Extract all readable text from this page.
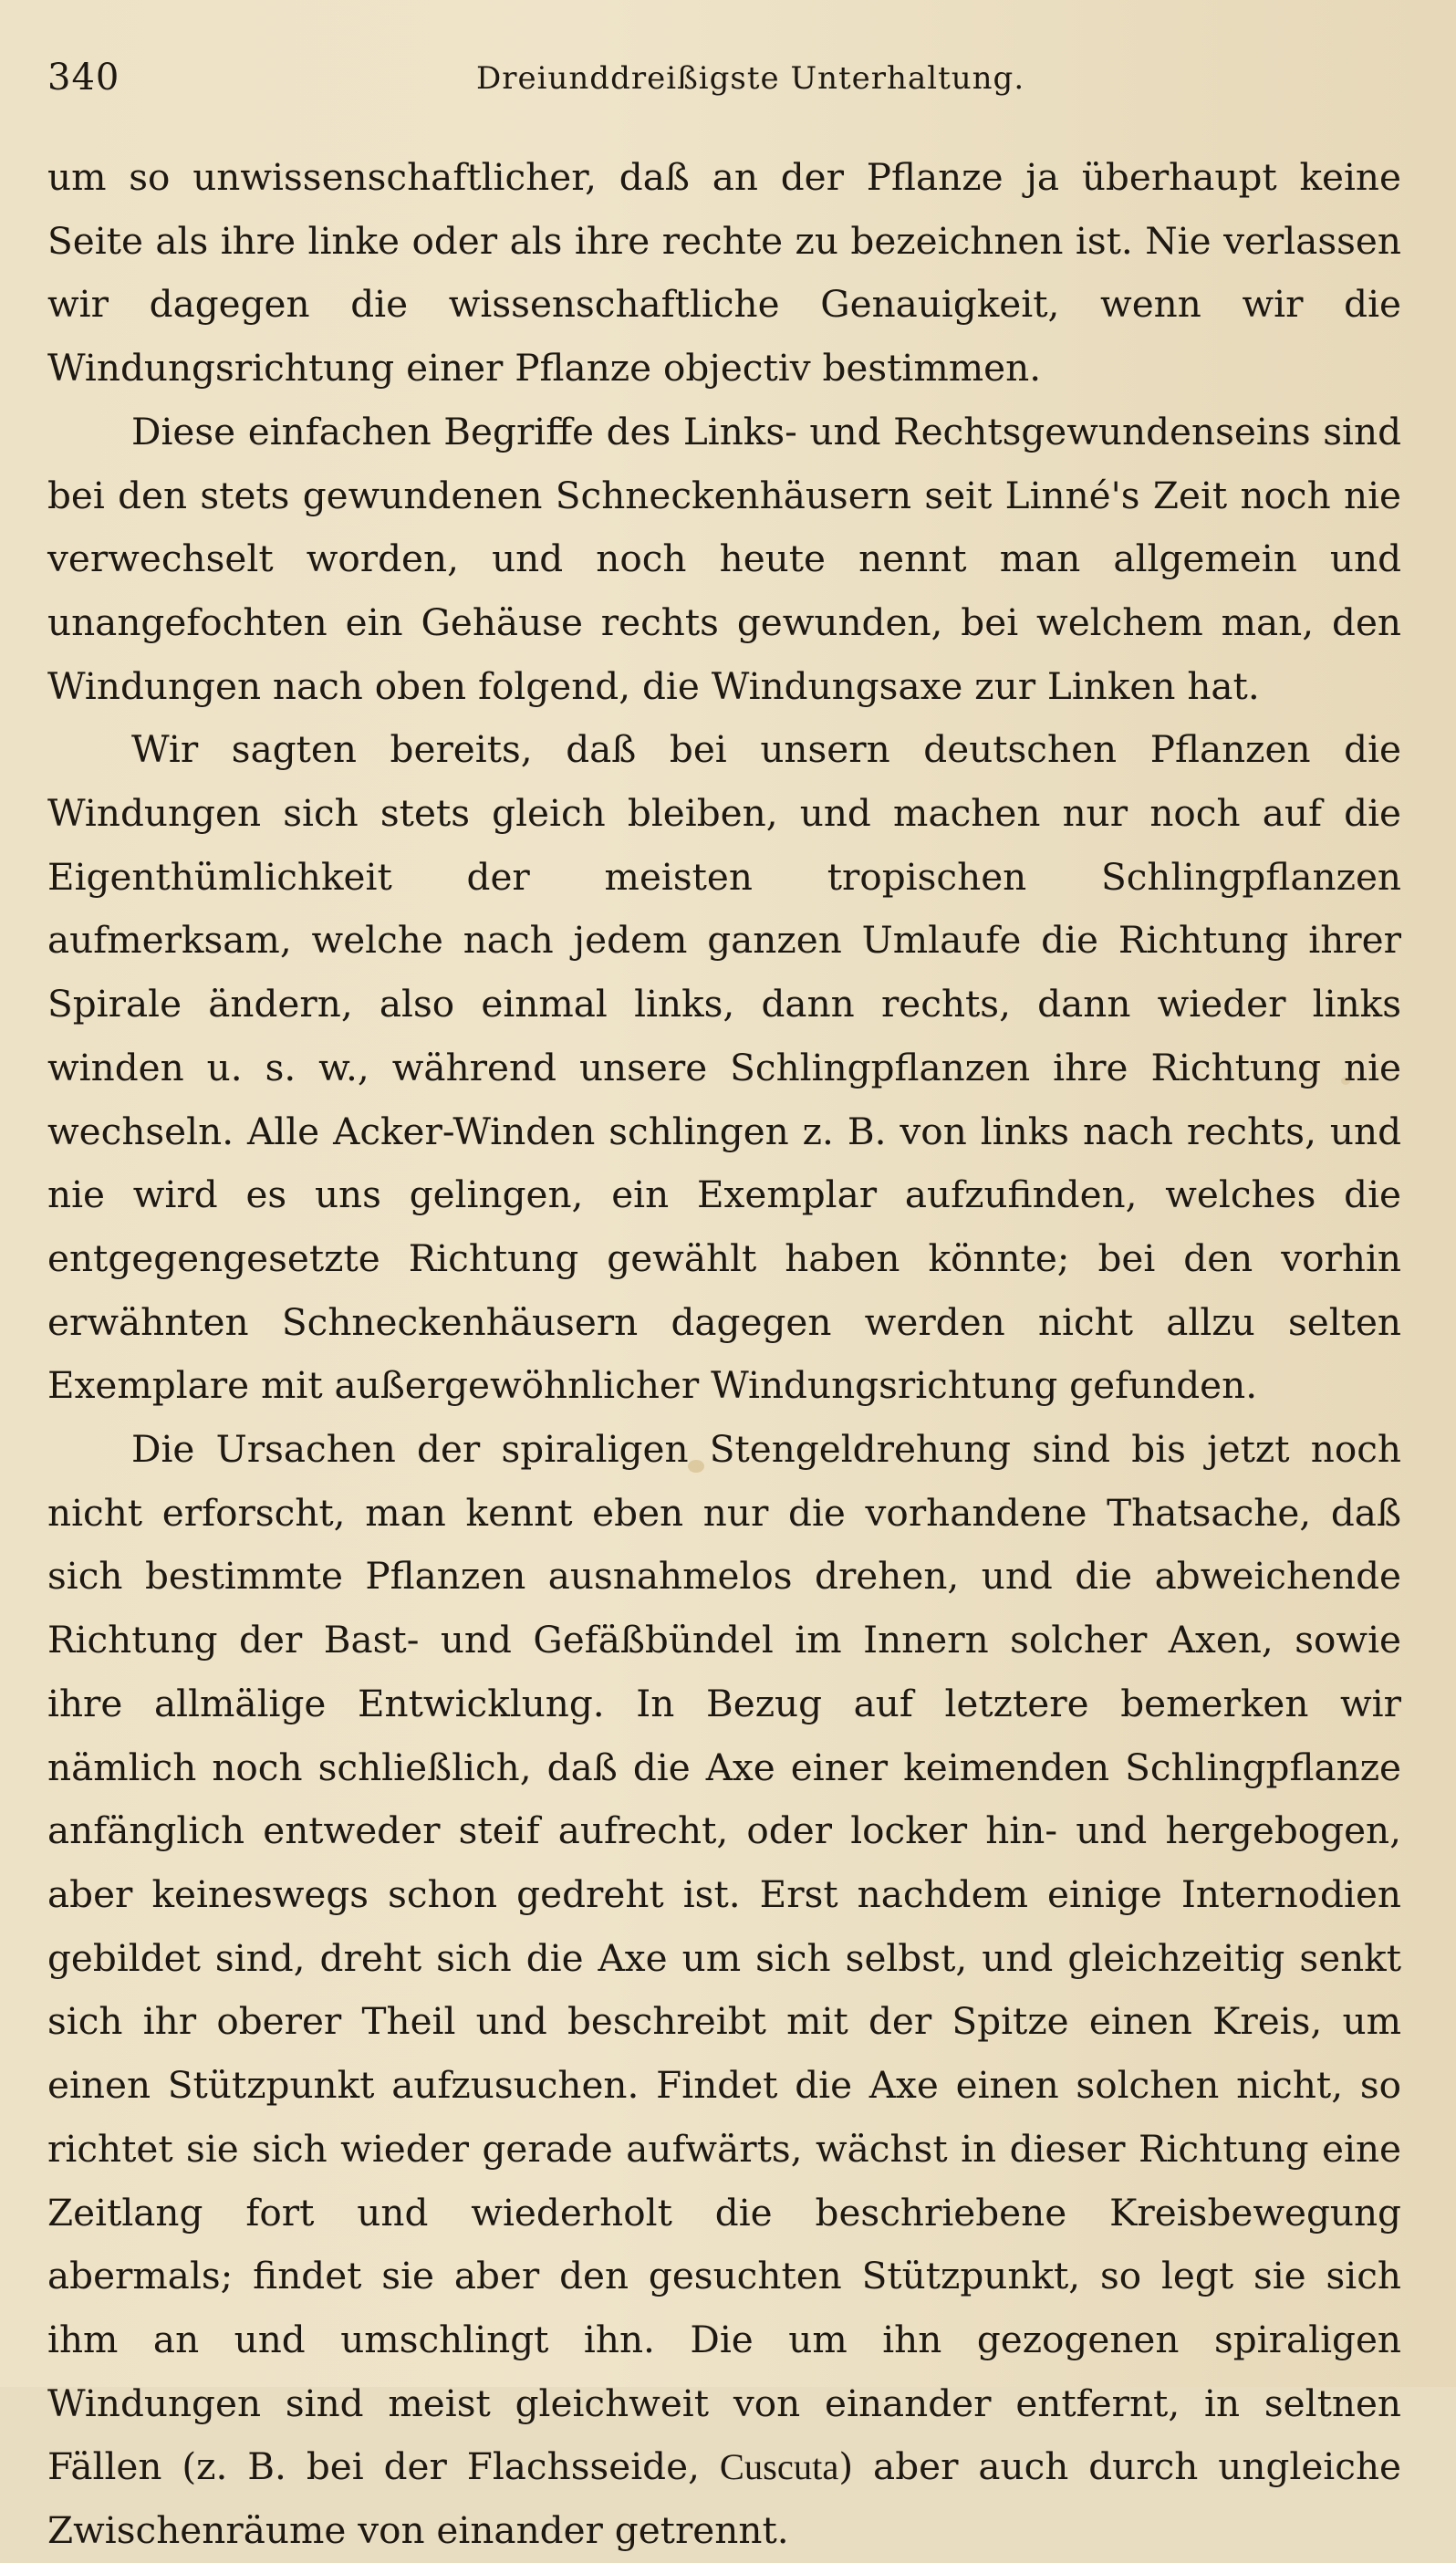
340	Dreiunddreißigste Unterhaltung.

um so unwissenschaftlicher, daß an der Pflanze ja überhaupt keine Seite als ihre linke oder als ihre rechte zu bezeichnen ist. Nie verlassen wir dagegen die wissenschaftliche Genauigkeit, wenn wir die Windungsrichtung einer Pflanze objectiv bestimmen.

Diese einfachen Begriffe des Links- und Rechtsgewundenseins sind bei den stets gewundenen Schneckenhäusern seit Linné's Zeit noch nie verwechselt worden, und noch heute nennt man allgemein und unangefochten ein Gehäuse rechts gewunden, bei welchem man, den Windungen nach oben folgend, die Windungsaxe zur Linken hat.

Wir sagten bereits, daß bei unsern deutschen Pflanzen die Windungen sich stets gleich bleiben, und machen nur noch auf die Eigenthümlichkeit der meisten tropischen Schlingpflanzen aufmerksam, welche nach jedem ganzen Umlaufe die Richtung ihrer Spirale ändern, also einmal links, dann rechts, dann wieder links winden u. s. w., während unsere Schlingpflanzen ihre Richtung nie wechseln. Alle Acker-Winden schlingen z. B. von links nach rechts, und nie wird es uns gelingen, ein Exemplar aufzufinden, welches die entgegengesetzte Richtung gewählt haben könnte; bei den vorhin erwähnten Schneckenhäusern dagegen werden nicht allzu selten Exemplare mit außergewöhnlicher Windungsrichtung gefunden.

Die Ursachen der spiraligen Stengeldrehung sind bis jetzt noch nicht erforscht, man kennt eben nur die vorhandene Thatsache, daß sich bestimmte Pflanzen ausnahmelos drehen, und die abweichende Richtung der Bast- und Gefäßbündel im Innern solcher Axen, sowie ihre allmälige Entwicklung. In Bezug auf letztere bemerken wir nämlich noch schließlich, daß die Axe einer keimenden Schlingpflanze anfänglich entweder steif aufrecht, oder locker hin- und hergebogen, aber keineswegs schon gedreht ist. Erst nachdem einige Internodien gebildet sind, dreht sich die Axe um sich selbst, und gleichzeitig senkt sich ihr oberer Theil und beschreibt mit der Spitze einen Kreis, um einen Stützpunkt aufzusuchen. Findet die Axe einen solchen nicht, so richtet sie sich wieder gerade aufwärts, wächst in dieser Richtung eine Zeitlang fort und wiederholt die beschriebene Kreisbewegung abermals; findet sie aber den gesuchten Stützpunkt, so legt sie sich ihm an und umschlingt ihn. Die um ihn gezogenen spiraligen Windungen sind meist gleichweit von einander entfernt, in seltnen Fällen (z. B. bei der Flachsseide, Cuscuta) aber auch durch ungleiche Zwischenräume von einander getrennt.
